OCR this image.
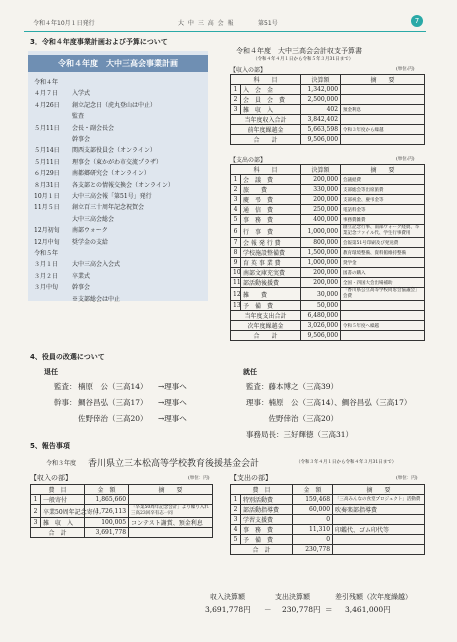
令和４年10月１日発行	大 中 三 高 会 報	第51号	7
3．令和４年度事業計画および予算について
令和４年度　大中三高会事業計画
令和４年
４月７日 入学式
４月26日 創立記念日（虎丸登山は中止）
監査
５月11日 会長・副会長会
幹事会
５月14日 関西支部役員会（オンライン）
５月11日 理事会（東かがわ市交流プラザ）
６月29日 南都郷研究会（オンライン）
８月31日 各支部との情報交換会（オンライン）
10月１日 大中三高会報「第51号」発行
11月５日 創立百三十周年記念祝賀会
大中三高会総会
12月初旬 南部ウォーク
12月中旬 奨学金の支給
令和５年
３月１日 大中三高会入会式
３月２日 卒業式
３月中旬 幹事会
※支部総会は中止
令和４年度　大中三高会会計収支予算書
（令和４年４月１日から令和５年３月31日まで）
【収入の部】	(単位:円)
科　　目		決算額	摘　　要
1	入　会　金	1,342,000	
2	会　員　会　費	2,500,000	
3	雑　収　入	402	預金利息
当年度収入合計		3,842,402	
前年度繰越金		5,663,598	令和３年度から繰越
合　　計		9,506,000	
【支出の部】	(単位:円)
科　　目		決算額	摘　　要
1	会　議　費	200,000	会議経費
2	旅　　費	330,000	支部総会等出席旅費
3	慶　弔　費	200,000	支部祝金、慶弔金等
4	通　信　費	250,000	電話料金等
5	事　務　費	400,000	事務費雑費
6	行　事　費	1,000,000	創立記念行事、南部ウォーク経費、卒業記念ファイル代、学生行事費用
7	会 報 発 行 費	800,000	会報第51号印刷及び発送費
8	学校施設整備費	1,500,000	教育環境整備、資料館維持整備
9	育 英 事 業 費	1,000,000	奨学金
10	南部文庫充実費	200,000	図書の購入
11	部活動後援費	200,000	全国・四国大会出場補助
12	雑　　費	30,000	「香川県公立高等学校同窓会協議会」会費
13	予　備　費	50,000	
当年度支出合計		6,480,000	
次年度繰越金		3,026,000	令和５年度へ繰越
合　　計		9,506,000	
4、役員の改選について
退任	就任
監査： 楠原　公（三高14） →理事へ
幹事： 鯛谷昌弘（三高17） →理事へ
佐野倖治（三高20） →理事へ
監査：藤本博之（三高39）
理事：楠原　公（三高14）、鯛谷昌弘（三高17）
　　　佐野倖治（三高20）
事務局長：三好輝徳（三高31）
5、報告事項
令和３年度 香川県立三本松高等学校教育後援基金会計	（令和３年４月１日から令和４年３月31日まで）
【収入の部】	(単位：円)
費　目		金　額	摘　　要
1	一般寄付	1,865,660	
2	卒業50周年記念寄付	1,726,113	「卒業50周年記念会計」より繰り入れ 三高23回卒有志一同
3	雑　収　入	100,005	コンテスト謝賞、預金利息
合　計		3,691,778	
【支出の部】	(単位：円)
費　目		金　額	摘　　要
1	特別活動費	159,468	「三高みんなの食堂プロジェクト」活動費
2	部活動指導費	60,000	吹奏楽部指導費
3	学習支援費	0	
4	事　務　費	11,310	印鑑代、ゴム印代等
5	予　備　費	0	
合　計		230,778	
収入決算額	支出決算額	差引残額（次年度繰越）
3,691,778円 － 230,778円 ＝ 3,461,000円
